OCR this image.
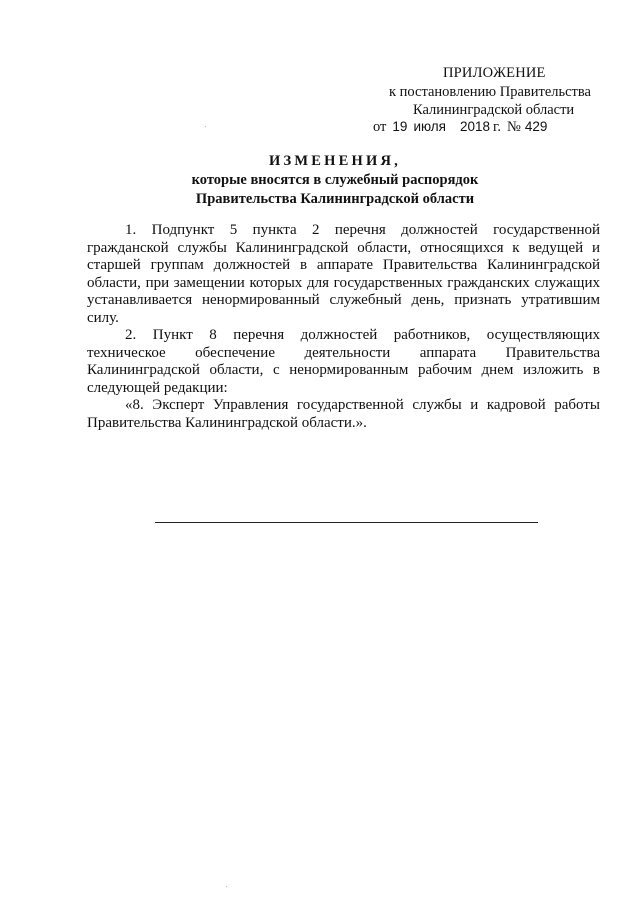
ПРИЛОЖЕНИЕ
к постановлению Правительства
Калининградской области
от 19 июля 2018 г. № 429
ИЗМЕНЕНИЯ,
которые вносятся в служебный распорядок
Правительства Калининградской области

1. Подпункт 5 пункта 2 перечня должностей государственной гражданской службы Калининградской области, относящихся к ведущей и старшей группам должностей в аппарате Правительства Калининградской области, при замещении которых для государственных гражданских служащих устанавливается ненормированный служебный день, признать утратившим силу.

2. Пункт 8 перечня должностей работников, осуществляющих техническое обеспечение деятельности аппарата Правительства Калининградской области, с ненормированным рабочим днем изложить в следующей редакции:

«8. Эксперт Управления государственной службы и кадровой работы Правительства Калининградской области.».
